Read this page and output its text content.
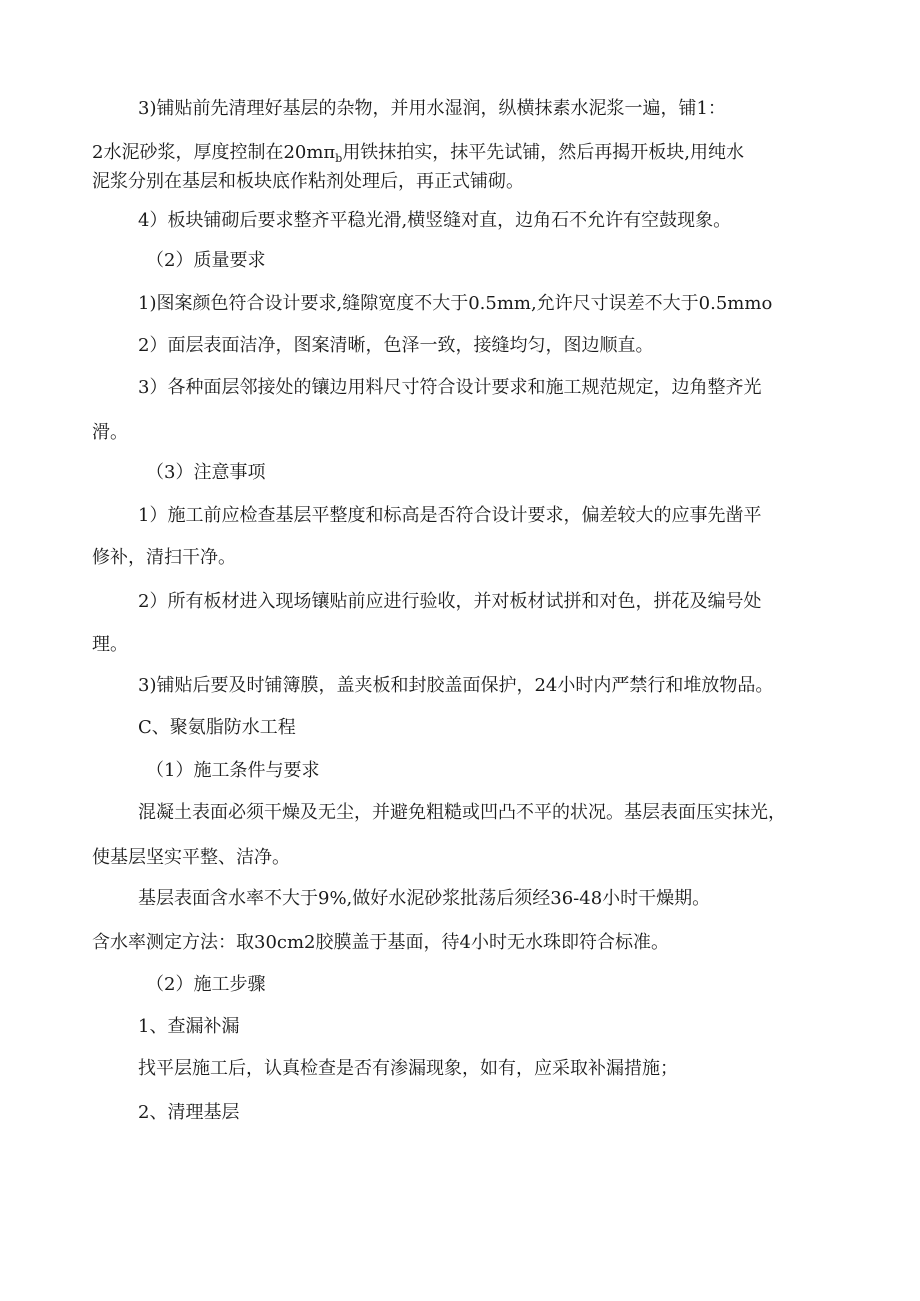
3)铺贴前先清理好基层的杂物，并用水湿润，纵横抹素水泥浆一遍，铺1：
2水泥砂浆，厚度控制在$20m\pi_b$用铁抹拍实，抹平先试铺，然后再揭开板块,用纯水
泥浆分别在基层和板块底作粘剂处理后，再正式铺砌。
4）板块铺砌后要求整齐平稳光滑,横竖缝对直，边角石不允许有空鼓现象。
（2）质量要求
1)图案颜色符合设计要求,缝隙宽度不大于0.5mm,允许尺寸误差不大于0.5mmo
2）面层表面洁净，图案清晰，色泽一致，接缝均匀，图边顺直。
3）各种面层邻接处的镶边用料尺寸符合设计要求和施工规范规定，边角整齐光
滑。
（3）注意事项
1）施工前应检查基层平整度和标高是否符合设计要求，偏差较大的应事先凿平
修补，清扫干净。
2）所有板材进入现场镶贴前应进行验收，并对板材试拼和对色，拼花及编号处
理。
3)铺贴后要及时铺簿膜，盖夹板和封胶盖面保护，24小时内严禁行和堆放物品。
C、聚氨脂防水工程
（1）施工条件与要求
混凝土表面必须干燥及无尘，并避免粗糙或凹凸不平的状况。基层表面压实抹光，
使基层坚实平整、洁净。
基层表面含水率不大于9%,做好水泥砂浆批荡后须经36-48小时干燥期。
含水率测定方法：取30cm2胶膜盖于基面，待4小时无水珠即符合标准。
（2）施工步骤
1、查漏补漏
找平层施工后，认真检查是否有渗漏现象，如有，应采取补漏措施；
2、清理基层
